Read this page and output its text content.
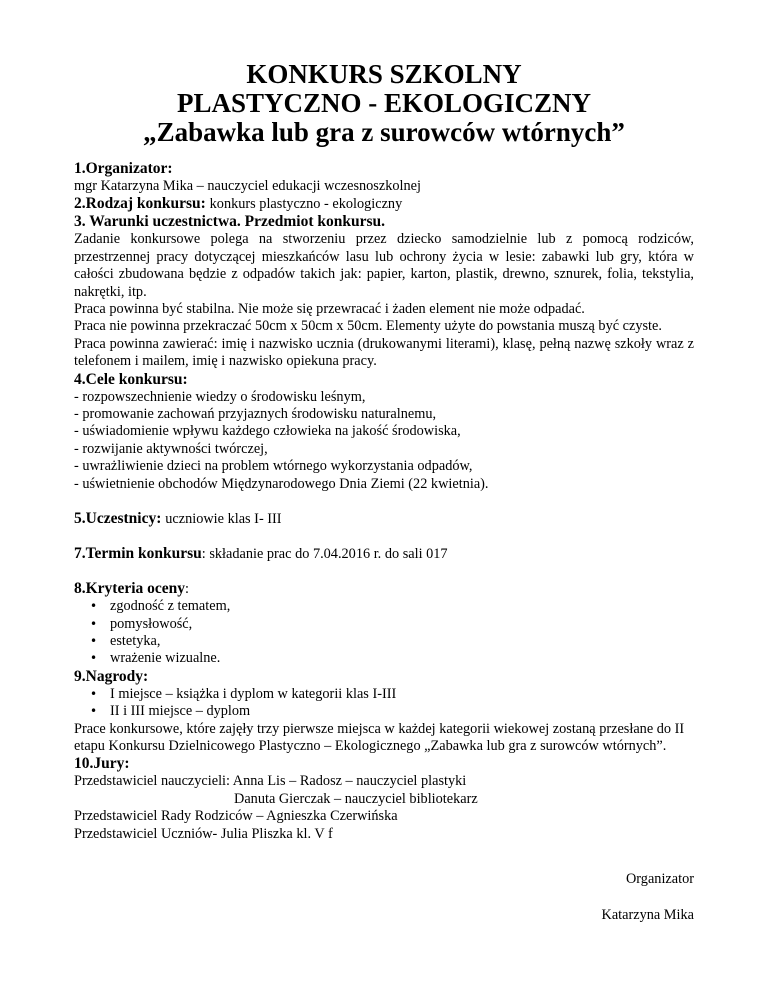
KONKURS SZKOLNY
PLASTYCZNO - EKOLOGICZNY
„Zabawka lub gra z surowców wtórnych”
1.Organizator:

mgr Katarzyna Mika – nauczyciel edukacji wczesnoszkolnej

2.Rodzaj konkursu: konkurs plastyczno - ekologiczny
3. Warunki uczestnictwa. Przedmiot konkursu.

Zadanie konkursowe polega na stworzeniu przez dziecko samodzielnie lub z pomocą rodziców, przestrzennej pracy dotyczącej mieszkańców lasu lub ochrony życia w lesie: zabawki lub gry, która w całości zbudowana będzie z odpadów takich jak: papier, karton, plastik, drewno, sznurek, folia, tekstylia, nakrętki, itp.

Praca powinna być stabilna. Nie może się przewracać i żaden element nie może odpadać.

Praca nie powinna przekraczać 50cm x 50cm x 50cm. Elementy użyte do powstania muszą być czyste.

Praca powinna zawierać: imię i nazwisko ucznia (drukowanymi literami), klasę, pełną nazwę szkoły wraz z telefonem i mailem, imię i nazwisko opiekuna pracy.

4.Cele konkursu:
- rozpowszechnienie wiedzy o środowisku leśnym,
- promowanie zachowań przyjaznych środowisku naturalnemu,
- uświadomienie wpływu każdego człowieka na jakość środowiska,
- rozwijanie aktywności twórczej,
- uwrażliwienie dzieci na problem wtórnego wykorzystania odpadów,
- uświetnienie obchodów Międzynarodowego Dnia Ziemi (22 kwietnia).
5.Uczestnicy: uczniowie klas I- III
7.Termin konkursu: składanie prac do 7.04.2016 r. do sali 017
8.Kryteria oceny:
• zgodność z tematem,
• pomysłowość,
• estetyka,
• wrażenie wizualne.
9.Nagrody:
• I miejsce – książka i dyplom w kategorii klas I-III
• II i III miejsce – dyplom

Prace konkursowe, które zajęły trzy pierwsze miejsca w każdej kategorii wiekowej zostaną przesłane do II etapu Konkursu Dzielnicowego Plastyczno – Ekologicznego „Zabawka lub gra z surowców wtórnych”.

10.Jury:
Przedstawiciel nauczycieli: Anna Lis – Radosz – nauczyciel plastyki
Danuta Gierczak – nauczyciel bibliotekarz
Przedstawiciel Rady Rodziców – Agnieszka Czerwińska
Przedstawiciel Uczniów- Julia Pliszka kl. V f
Organizator
Katarzyna Mika
